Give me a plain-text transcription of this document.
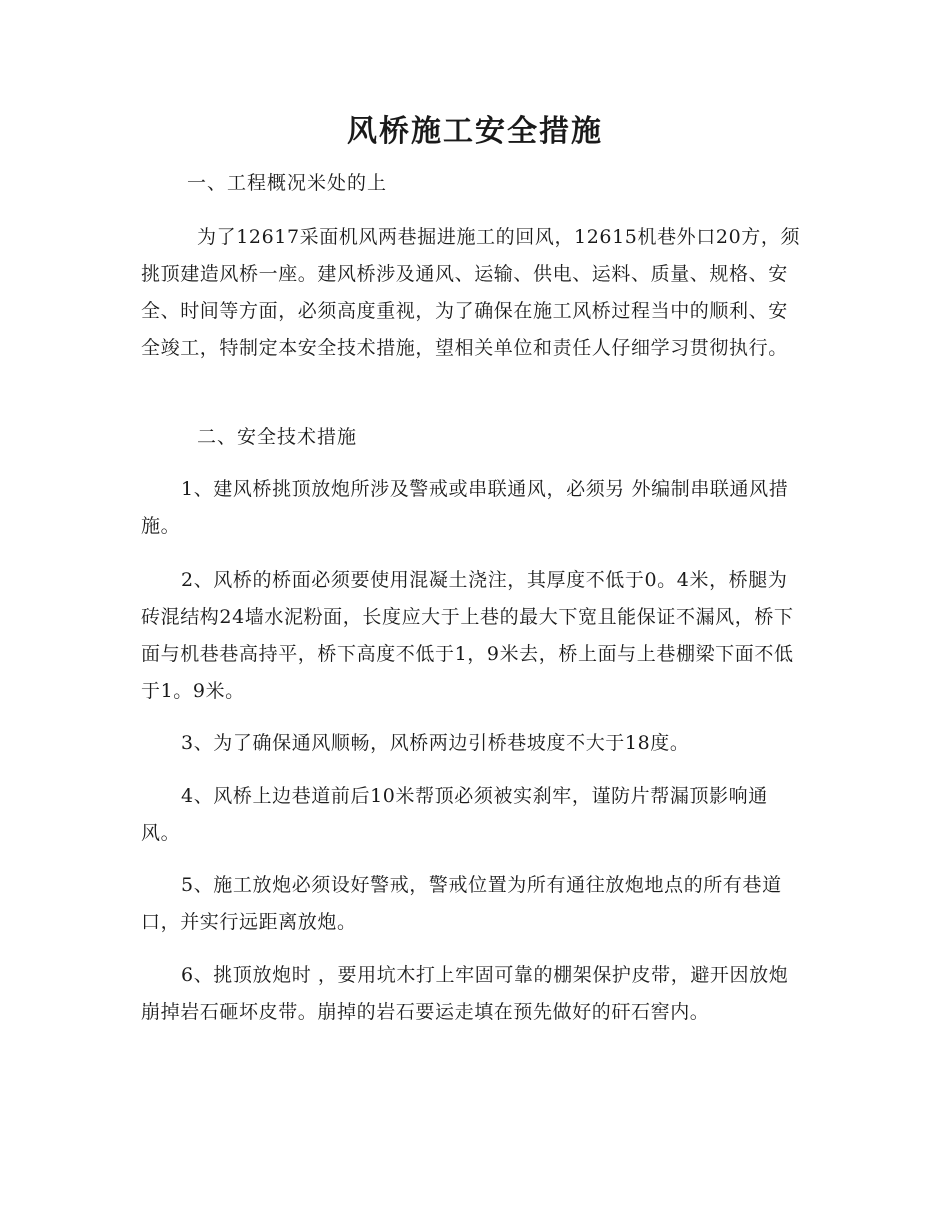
风桥施工安全措施
一、工程概况米处的上

为了12617采面机风两巷掘进施工的回风，12615机巷外口20方，须挑顶建造风桥一座。建风桥涉及通风、运输、供电、运料、质量、规格、安全、时间等方面，必须高度重视，为了确保在施工风桥过程当中的顺利、安全竣工，特制定本安全技术措施，望相关单位和责任人仔细学习贯彻执行。

二、安全技术措施

1、建风桥挑顶放炮所涉及警戒或串联通风，必须另 外编制串联通风措施。

2、风桥的桥面必须要使用混凝土浇注，其厚度不低于0。4米，桥腿为砖混结构24墙水泥粉面，长度应大于上巷的最大下宽且能保证不漏风，桥下面与机巷巷高持平，桥下高度不低于1，9米去，桥上面与上巷棚梁下面不低于1。9米。

3、为了确保通风顺畅，风桥两边引桥巷坡度不大于18度。

4、风桥上边巷道前后10米帮顶必须被实刹牢，谨防片帮漏顶影响通风。

5、施工放炮必须设好警戒，警戒位置为所有通往放炮地点的所有巷道口，并实行远距离放炮。

6、挑顶放炮时 ，要用坑木打上牢固可靠的棚架保护皮带，避开因放炮崩掉岩石砸坏皮带。崩掉的岩石要运走填在预先做好的矸石窖内。
